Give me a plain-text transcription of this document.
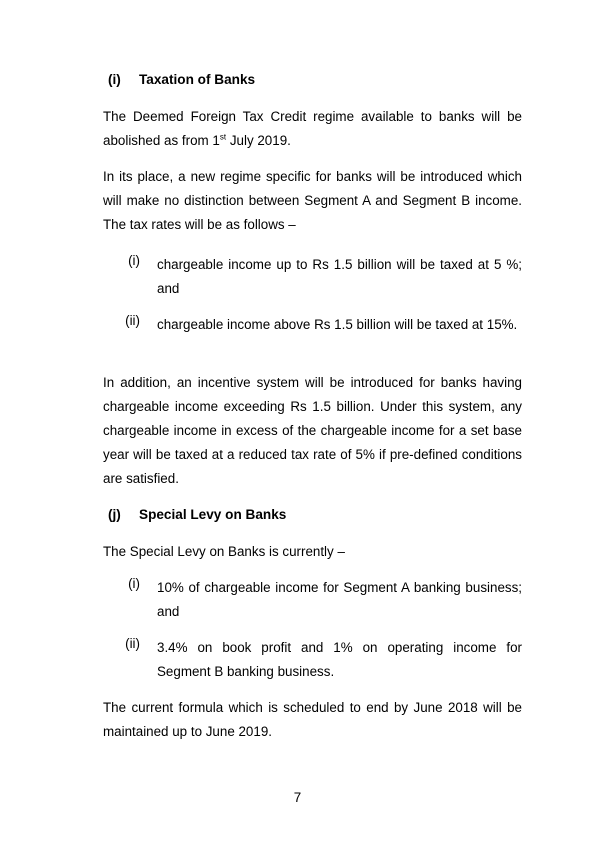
(i) Taxation of Banks

The Deemed Foreign Tax Credit regime available to banks will be abolished as from 1st July 2019.

In its place, a new regime specific for banks will be introduced which will make no distinction between Segment A and Segment B income. The tax rates will be as follows –

(i) chargeable income up to Rs 1.5 billion will be taxed at 5 %; and
(ii) chargeable income above Rs 1.5 billion will be taxed at 15%.

In addition, an incentive system will be introduced for banks having chargeable income exceeding Rs 1.5 billion. Under this system, any chargeable income in excess of the chargeable income for a set base year will be taxed at a reduced tax rate of 5% if pre-defined conditions are satisfied.

(j) Special Levy on Banks

The Special Levy on Banks is currently –

(i) 10% of chargeable income for Segment A banking business; and
(ii) 3.4% on book profit and 1% on operating income for Segment B banking business.

The current formula which is scheduled to end by June 2018 will be maintained up to June 2019.

7
